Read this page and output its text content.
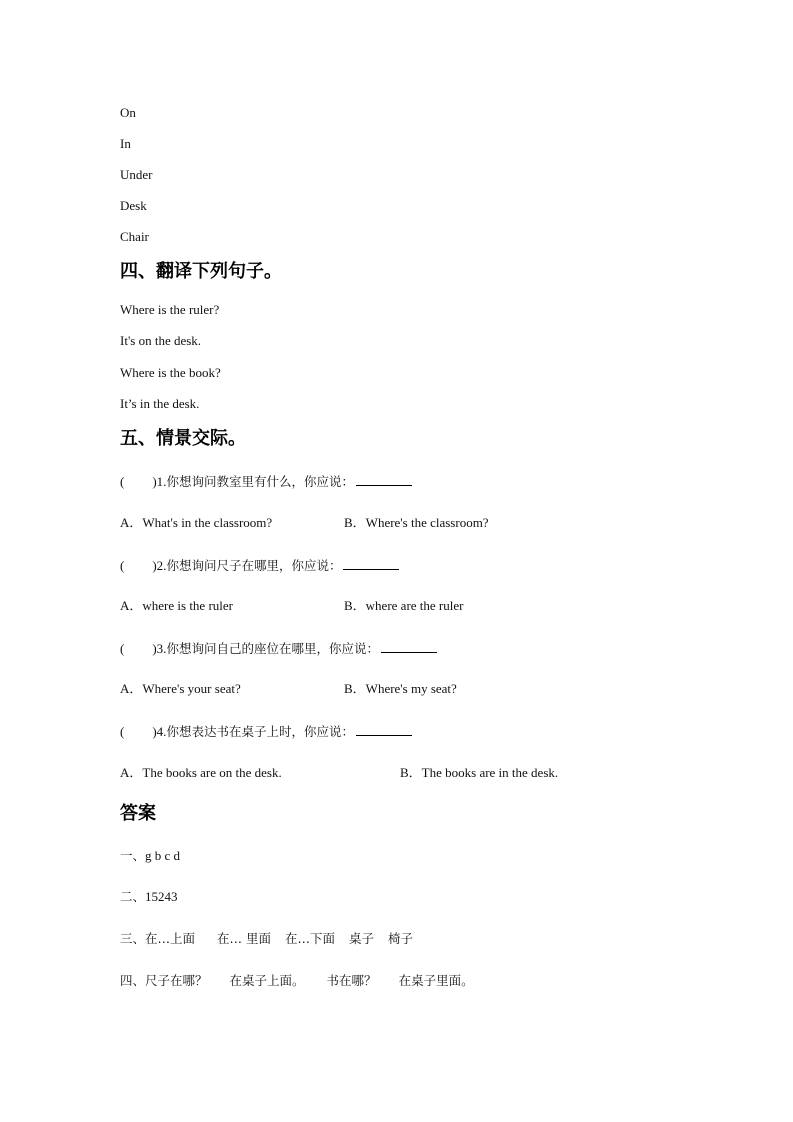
On
In
Under
Desk
Chair
四、翻译下列句子。
Where is the ruler?
It's on the desk.
Where is the book?
It’s in the desk.
五、情景交际。
( )1.你想询问教室里有什么，你应说：
A．What's in the classroom?	B．Where's the classroom?
( )2.你想询问尺子在哪里，你应说：
A．where is the ruler	B．where are the ruler
( )3.你想询问自己的座位在哪里，你应说：
A．Where's your seat?	B．Where's my seat?
( )4.你想表达书在桌子上时，你应说：
A．The books are on the desk.	B．The books are in the desk.
答案
一、g b c d
二、15243
三、在…上面 在… 里面 在…下面 桌子 椅子
四、尺子在哪？ 在桌子上面。 书在哪？ 在桌子里面。
